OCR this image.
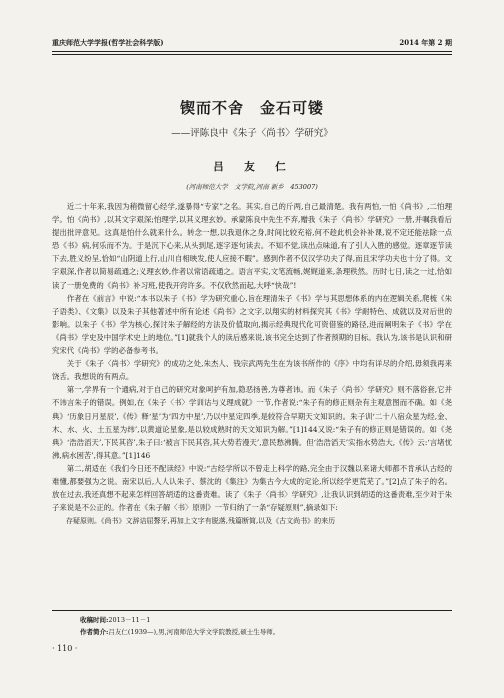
重庆师范大学学报(哲学社会科学版)	2014 年第 2 期
锲而不舍　金石可镂
——评陈良中《朱子〈尚书〉学研究》
吕　友　仁
(河南师范大学　文学院,河南 新乡　453007)

近二十年来,我因为稍微留心经学,遂暴得“专家”之名。其实,自己的斤两,自己最清楚。我有两怕,一怕《尚书》,二怕理学。怕《尚书》,以其文字艰深;怕理学,以其义理玄妙。承蒙陈良中先生不弃,赠我《朱子〈尚书〉学研究》一册,并嘱我看后提出批评意见。这真是怕什么就来什么。转念一想,以我退休之身,时间比较充裕,何不趁此机会补补课,说不定还能祛除一点恐《书》病,何乐而不为。于是沉下心来,从头到尾,逐字逐句读去。不知不觉,读出点味道,有了引人入胜的感觉。逐章逐节读下去,胜义纷呈,恰如“山阴道上行,山川自相映发,使人应接不暇”。感到作者不仅汉学功夫了得,而且宋学功夫也十分了得。文字艰深,作者以简易疏通之;义理玄妙,作者以常语疏通之。语言平实,文笔流畅,娓娓道来,条理秩然。历时七日,读之一过,恰如读了一册免费的《尚书》补习班,使我开窍许多。不仅欣然而起,大呼“快哉”!

作者在《前言》中说:“本书以朱子《书》学为研究重心,旨在理清朱子《书》学与其思想体系的内在逻辑关系,爬梳《朱子语类》、《文集》以及朱子其他著述中所有论述《尚书》之文字,以翔实的材料探究其《书》学耐特色、成就以及对后世的影响。以朱子《书》学为核心,探讨朱子解经的方法及价值取向,揭示经典现代化可资借鉴的路径,进而阐明朱子《书》学在《尚书》学史及中国学术史上的地位。”[1]就我个人的读后感来说,该书完全达到了作者预期的目标。我认为,该书是认识和研究宋代《尚书》学的必备参考书。

关于《朱子〈尚书〉学研究》的成功之处,朱杰人、钱宗武两先生在为该书所作的《序》中均有详尽的介绍,毋须我再来饶舌。我想说的有两点。

第一,学界有一个通病,对于自己的研究对象呵护有加,隐恶扬善,为尊者讳。而《朱子〈尚书〉学研究》则不落俗套,它并不讳言朱子的错误。例如,在《朱子〈书〉学训诂与义理成就》一节,作者说:“朱子有的修正则杂有主观意图而不确。如《尧典》‘历象日月星辰’,《传》释‘星’为‘四方中星’,乃以中星定四季,是较符合早期天文知识的。朱子训‘二十八宿众星为经,金、木、水、火、土五星为纬’,以黄道论星象,是以较成熟时的天文知识为解。”[1]144又说:“朱子有的修正则是错误的。如《尧典》‘浩浩滔天’,下民其咨’,朱子曰:‘被言下民其咨,其大势若漫天’,意民愁沸腾。但‘浩浩滔天’实指水势浩大,《传》云:‘言堵忧沸,病水困苦’,得其意。”[1]146

第二,胡适在《我们今日还不配读经》中说:“古经学所以不曾走上科学的路,完全由于汉魏以来诸大师都不肯承认古经的难懂,都要强为之说。南宋以后,人人认朱子、蔡沈的《集注》为集古今大成的定论,所以经学更荒芜了。”[2]点了朱子的名。放在过去,我还真想不起来怎样回答胡适的这番责难。读了《朱子〈尚书〉学研究》,让我认识到胡适的这番责难,至少对于朱子来说是不公正的。作者在《朱子解〈书〉原则》一节归纳了一条“存疑原则”,摘录如下:

存疑原则。《尚书》文辞诘屈聱牙,再加上文字有脱落,残篇断简,以及《古文尚书》的来历

收稿时间:2013－11－1
作者简介:吕友仁(1939—),男,河南师范大学文学院教授,硕士生导师。
· 110 ·
